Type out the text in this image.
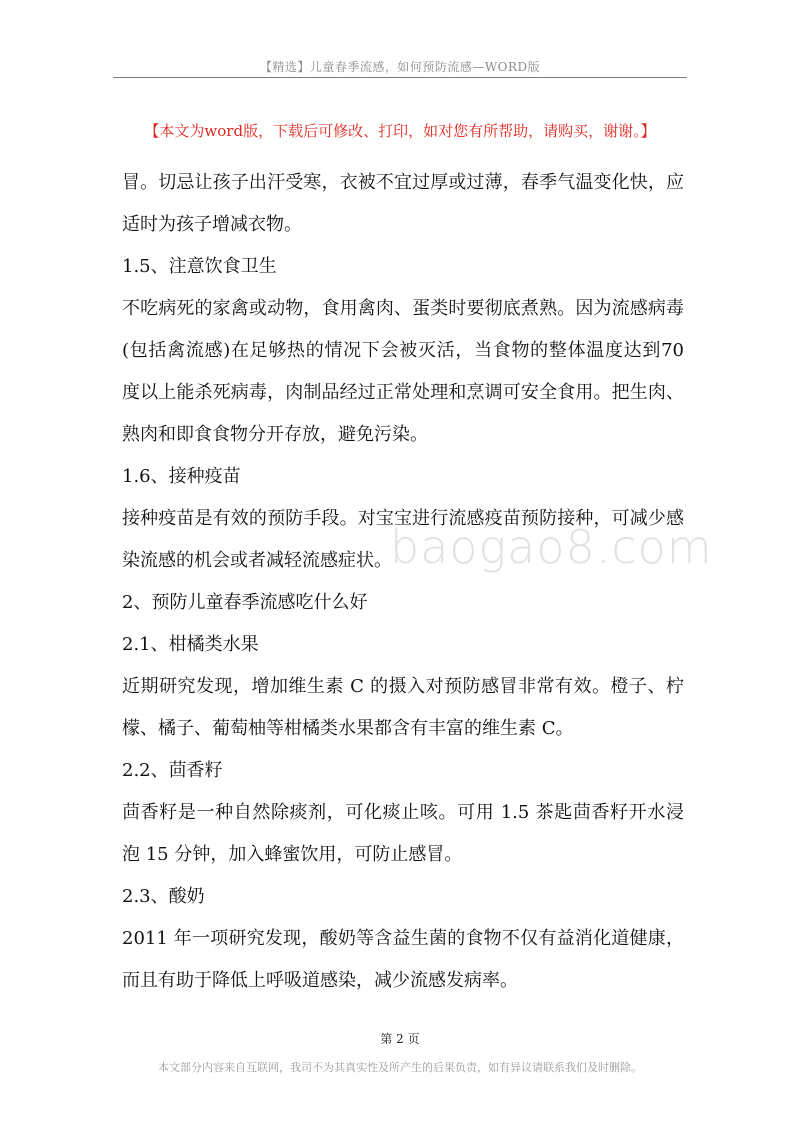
【精选】儿童春季流感，如何预防流感—WORD版
【本文为word版，下载后可修改、打印，如对您有所帮助，请购买，谢谢。】

冒。切忌让孩子出汗受寒，衣被不宜过厚或过薄，春季气温变化快，应适时为孩子增减衣物。

1.5、注意饮食卫生

不吃病死的家禽或动物，食用禽肉、蛋类时要彻底煮熟。因为流感病毒(包括禽流感)在足够热的情况下会被灭活，当食物的整体温度达到70 度以上能杀死病毒，肉制品经过正常处理和烹调可安全食用。把生肉、熟肉和即食食物分开存放，避免污染。

1.6、接种疫苗

接种疫苗是有效的预防手段。对宝宝进行流感疫苗预防接种，可减少感染流感的机会或者减轻流感症状。

2、预防儿童春季流感吃什么好

2.1、柑橘类水果

近期研究发现，增加维生素 C 的摄入对预防感冒非常有效。橙子、柠檬、橘子、葡萄柚等柑橘类水果都含有丰富的维生素 C。

2.2、茴香籽

茴香籽是一种自然除痰剂，可化痰止咳。可用 1.5 茶匙茴香籽开水浸泡 15 分钟，加入蜂蜜饮用，可防止感冒。

2.3、酸奶

2011 年一项研究发现，酸奶等含益生菌的食物不仅有益消化道健康，而且有助于降低上呼吸道感染，减少流感发病率。

baogao8.com
第 2 页
本文部分内容来自互联网，我司不为其真实性及所产生的后果负责，如有异议请联系我们及时删除。
